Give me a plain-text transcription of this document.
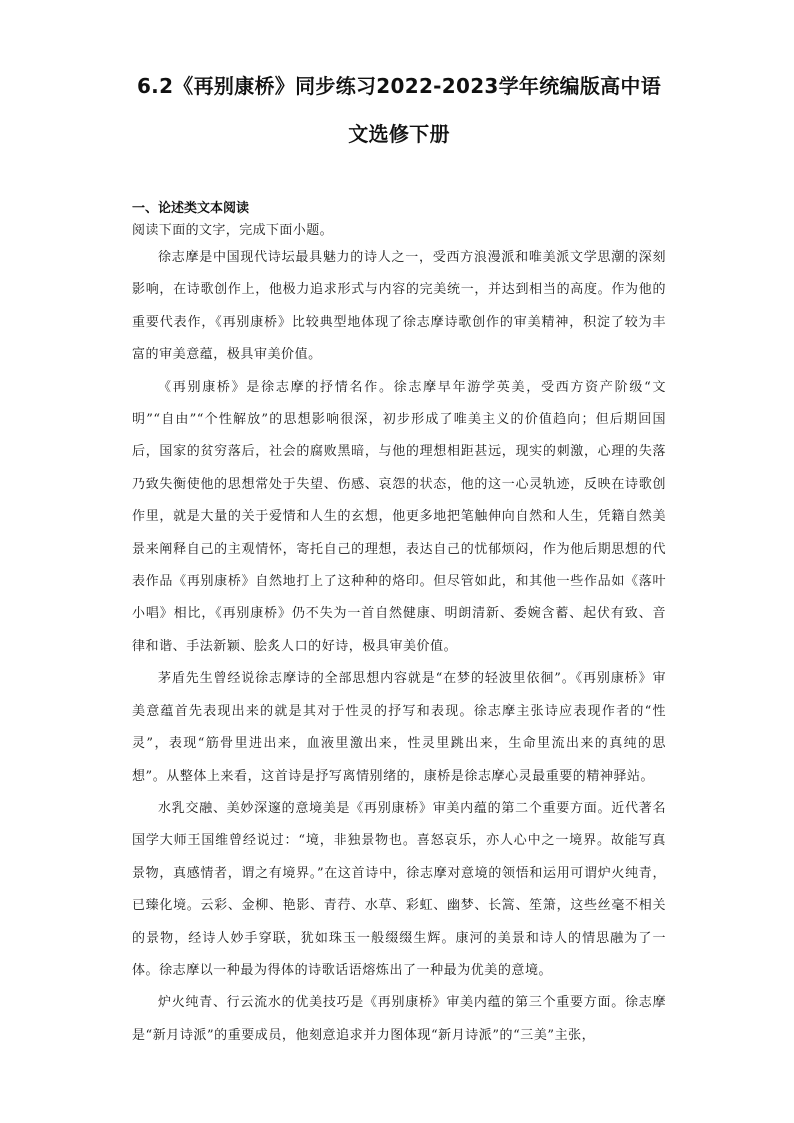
6.2《再别康桥》同步练习2022-2023学年统编版高中语文选修下册
一、论述类文本阅读
阅读下面的文字，完成下面小题。

徐志摩是中国现代诗坛最具魅力的诗人之一，受西方浪漫派和唯美派文学思潮的深刻影响，在诗歌创作上，他极力追求形式与内容的完美统一，并达到相当的高度。作为他的重要代表作，《再别康桥》比较典型地体现了徐志摩诗歌创作的审美精神，积淀了较为丰富的审美意蕴，极具审美价值。

《再别康桥》是徐志摩的抒情名作。徐志摩早年游学英美，受西方资产阶级“文明”“自由”“个性解放”的思想影响很深，初步形成了唯美主义的价值趋向；但后期回国后，国家的贫穷落后，社会的腐败黑暗，与他的理想相距甚远，现实的刺激，心理的失落乃致失衡使他的思想常处于失望、伤感、哀怨的状态，他的这一心灵轨迹，反映在诗歌创作里，就是大量的关于爱情和人生的玄想，他更多地把笔触伸向自然和人生，凭籍自然美景来阐释自己的主观情怀，寄托自己的理想，表达自己的忧郁烦闷，作为他后期思想的代表作品《再别康桥》自然地打上了这种种的烙印。但尽管如此，和其他一些作品如《落叶小唱》相比，《再别康桥》仍不失为一首自然健康、明朗清新、委婉含蓄、起伏有致、音律和谐、手法新颖、脍炙人口的好诗，极具审美价值。

茅盾先生曾经说徐志摩诗的全部思想内容就是“在梦的轻波里依徊”。《再别康桥》审美意蕴首先表现出来的就是其对于性灵的抒写和表现。徐志摩主张诗应表现作者的“性灵”，表现“筋骨里进出来，血液里激出来，性灵里跳出来，生命里流出来的真纯的思想”。从整体上来看，这首诗是抒写离情别绪的，康桥是徐志摩心灵最重要的精神驿站。

水乳交融、美妙深邃的意境美是《再别康桥》审美内蕴的第二个重要方面。近代著名国学大师王国维曾经说过：“境，非独景物也。喜怒哀乐，亦人心中之一境界。故能写真景物，真感情者，谓之有境界。”在这首诗中，徐志摩对意境的领悟和运用可谓炉火纯青，已臻化境。云彩、金柳、艳影、青荇、水草、彩虹、幽梦、长篙、笙箫，这些丝毫不相关的景物，经诗人妙手穿联，犹如珠玉一般缀缀生辉。康河的美景和诗人的情思融为了一体。徐志摩以一种最为得体的诗歌话语熔炼出了一种最为优美的意境。

炉火纯青、行云流水的优美技巧是《再别康桥》审美内蕴的第三个重要方面。徐志摩是“新月诗派”的重要成员，他刻意追求并力图体现“新月诗派”的“三美”主张，
